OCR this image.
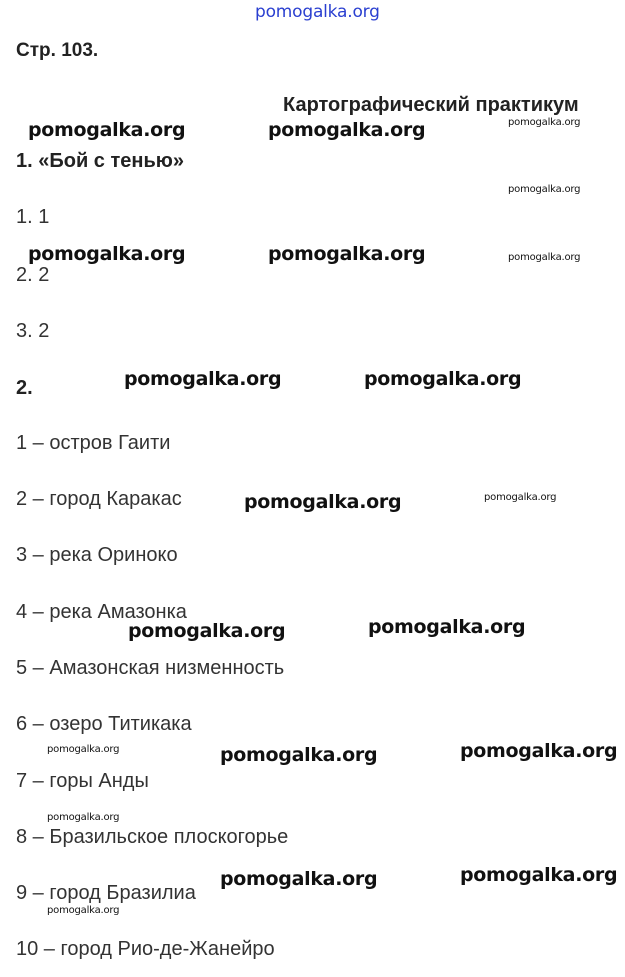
pomogalka.org
Стр. 103.
Картографический практикум
1. «Бой с тенью»
1. 1
2. 2
3. 2
2.
1 – остров Гаити
2 – город Каракас
3 – река Ориноко
4 – река Амазонка
5 – Амазонская низменность
6 – озеро Титикака
7 – горы Анды
8 – Бразильское плоскогорье
9 – город Бразилиа
10 – город Рио-де-Жанейро
pomogalka.org	pomogalka.org	pomogalka.org
pomogalka.org
pomogalka.org	pomogalka.org	pomogalka.org
pomogalka.org	pomogalka.org
pomogalka.org	pomogalka.org
pomogalka.org	pomogalka.org
pomogalka.org	pomogalka.org	pomogalka.org
pomogalka.org
pomogalka.org	pomogalka.org
pomogalka.org
